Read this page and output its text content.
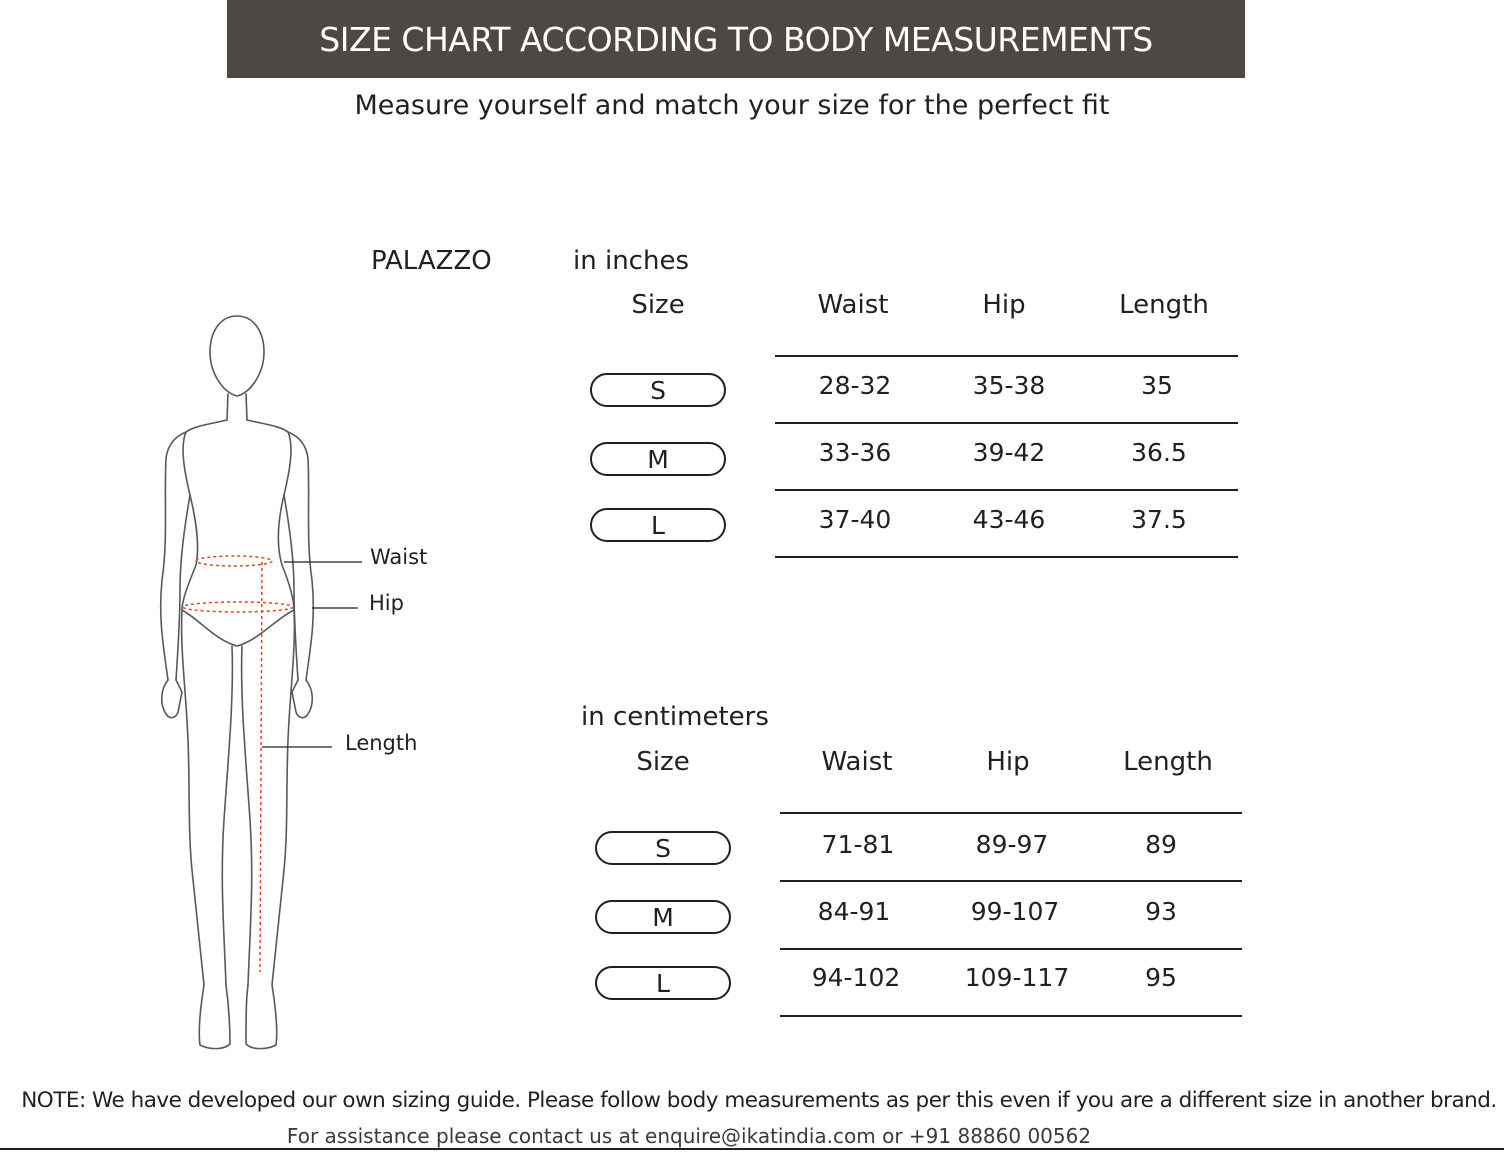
SIZE CHART ACCORDING TO BODY MEASUREMENTS
Measure yourself and match your size for the perfect fit
PALAZZO
Waist
Hip
Length
in inches
Size	Waist	Hip	Length
S	28-32	35-38	35
M	33-36	39-42	36.5
L	37-40	43-46	37.5
in centimeters
Size	Waist	Hip	Length
S	71-81	89-97	89
M	84-91	99-107	93
L	94-102	109-117	95
NOTE: We have developed our own sizing guide. Please follow body measurements as per this even if you are a different size in another brand.
For assistance please contact us at enquire@ikatindia.com or +91 88860 00562
